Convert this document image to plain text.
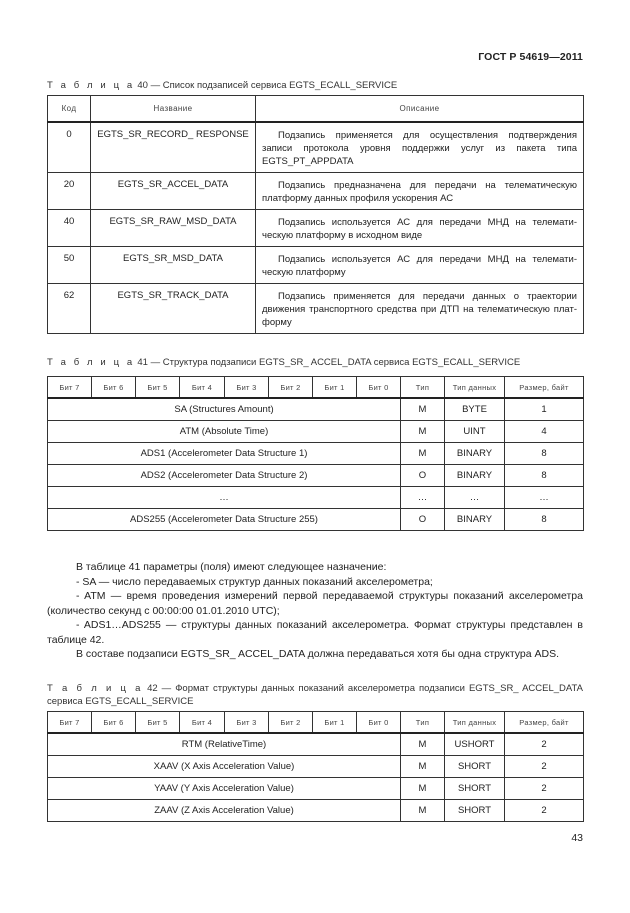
ГОСТ Р 54619—2011
Т а б л и ц а 40 — Список подзаписей сервиса EGTS_ECALL_SERVICE
Код	Название	Описание
0	EGTS_SR_RECORD_ RESPONSE	Подзапись применяется для осуществления подтверждения записи протокола уровня поддержки услуг из пакета типа EGTS_PT_APPDATA
20	EGTS_SR_ACCEL_DATA	Подзапись предназначена для передачи на телематическую платформу данных профиля ускорения АС
40	EGTS_SR_RAW_MSD_DATA	Подзапись используется АС для передачи МНД на телематическую платформу в исходном виде
50	EGTS_SR_MSD_DATA	Подзапись используется АС для передачи МНД на телематическую платформу
62	EGTS_SR_TRACK_DATA	Подзапись применяется для передачи данных о траектории движения транспортного средства при ДТП на телематическую платформу
Т а б л и ц а 41 — Структура подзаписи EGTS_SR_ ACCEL_DATA сервиса EGTS_ECALL_SERVICE
Бит 7	Бит 6	Бит 5	Бит 4	Бит 3	Бит 2	Бит 1	Бит 0	Тип	Тип данных	Размер, байт
SA (Structures Amount)								M	BYTE	1
ATM (Absolute Time)								M	UINT	4
ADS1 (Accelerometer Data Structure 1)								M	BINARY	8
ADS2 (Accelerometer Data Structure 2)								O	BINARY	8
…								…	…	…
ADS255 (Accelerometer Data Structure 255)								O	BINARY	8

В таблице 41 параметры (поля) имеют следующее назначение:

- SA — число передаваемых структур данных показаний акселерометра;

- ATM — время проведения измерений первой передаваемой структуры показаний акселерометра (количество секунд с 00:00:00 01.01.2010 UTC);

- ADS1…ADS255 — структуры данных показаний акселерометра. Формат структуры представлен в таблице 42.

В составе подзаписи EGTS_SR_ ACCEL_DATA должна передаваться хотя бы одна структура ADS.

Т а б л и ц а 42 — Формат структуры данных показаний акселерометра подзаписи EGTS_SR_ ACCEL_DATA сервиса EGTS_ECALL_SERVICE
Бит 7	Бит 6	Бит 5	Бит 4	Бит 3	Бит 2	Бит 1	Бит 0	Тип	Тип данных	Размер, байт
RTM (RelativeTime)								M	USHORT	2
XAAV (X Axis Acceleration Value)								M	SHORT	2
YAAV (Y Axis Acceleration Value)								M	SHORT	2
ZAAV (Z Axis Acceleration Value)								M	SHORT	2
43
